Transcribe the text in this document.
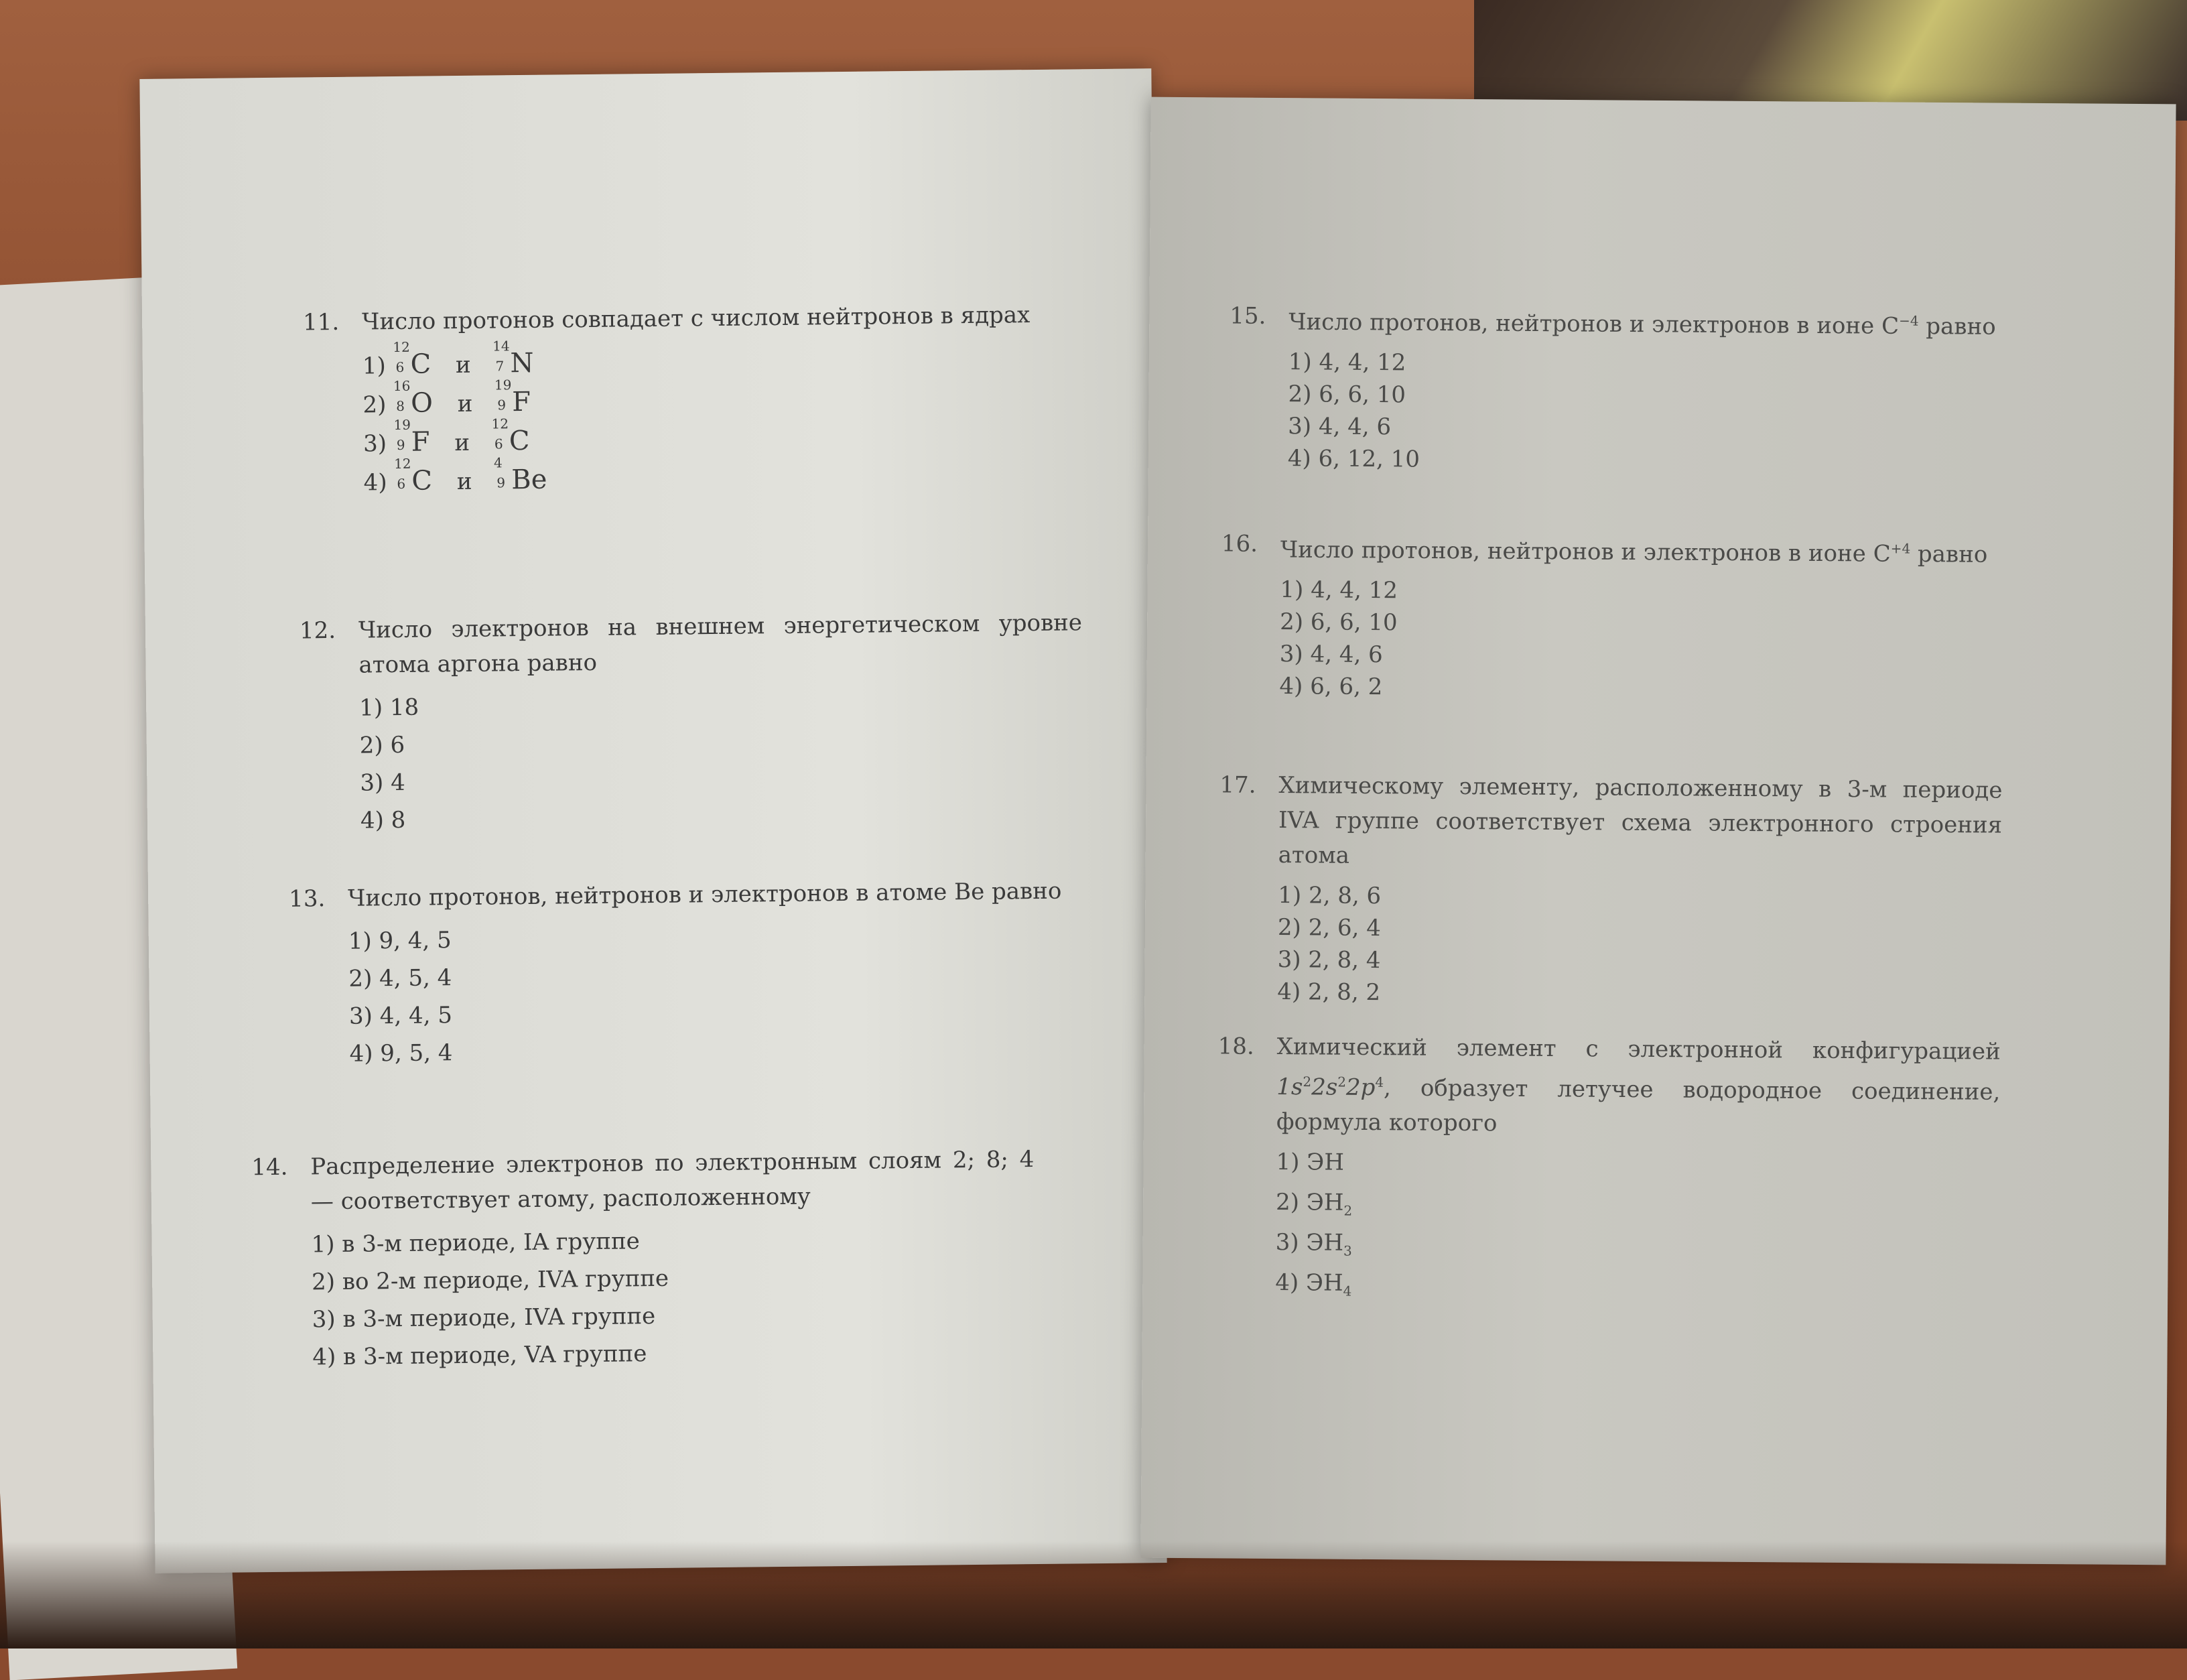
11. Число протонов совпадает с числом нейтронов в ядрах
1)
12
6 C и
14
7 N
2)
16
8 O и
19
9 F
3)
19
9 F и
12
6 C
4)
12
6 C и
4
9 Be
12. Число электронов на внешнем энергетическом уровне атома аргона равно
1) 18
2) 6
3) 4
4) 8
13. Число протонов, нейтронов и электронов в атоме Be равно
1) 9, 4, 5
2) 4, 5, 4
3) 4, 4, 5
4) 9, 5, 4
14. Распределение электронов по электронным слоям 2; 8; 4 — соответствует атому, расположенному
1) в 3-м периоде, IA группе
2) во 2-м периоде, IVA группе
3) в 3-м периоде, IVA группе
4) в 3-м периоде, VA группе
15. Число протонов, нейтронов и электронов в ионе $C^{-4}$ равно
1) 4, 4, 12
2) 6, 6, 10
3) 4, 4, 6
4) 6, 12, 10
16. Число протонов, нейтронов и электронов в ионе $C^{+4}$ равно
1) 4, 4, 12
2) 6, 6, 10
3) 4, 4, 6
4) 6, 6, 2
17. Химическому элементу, расположенному в 3-м периоде IVA группе соответствует схема электронного строения атома
1) 2, 8, 6
2) 2, 6, 4
3) 2, 8, 4
4) 2, 8, 2
18. Химический элемент с электронной конфигурацией $1s^22s^22p^4$, образует летучее водородное соединение, формула которого
1) ЭН
2) $ЭН_2$
3) $ЭН_3$
4) $ЭН_4$
